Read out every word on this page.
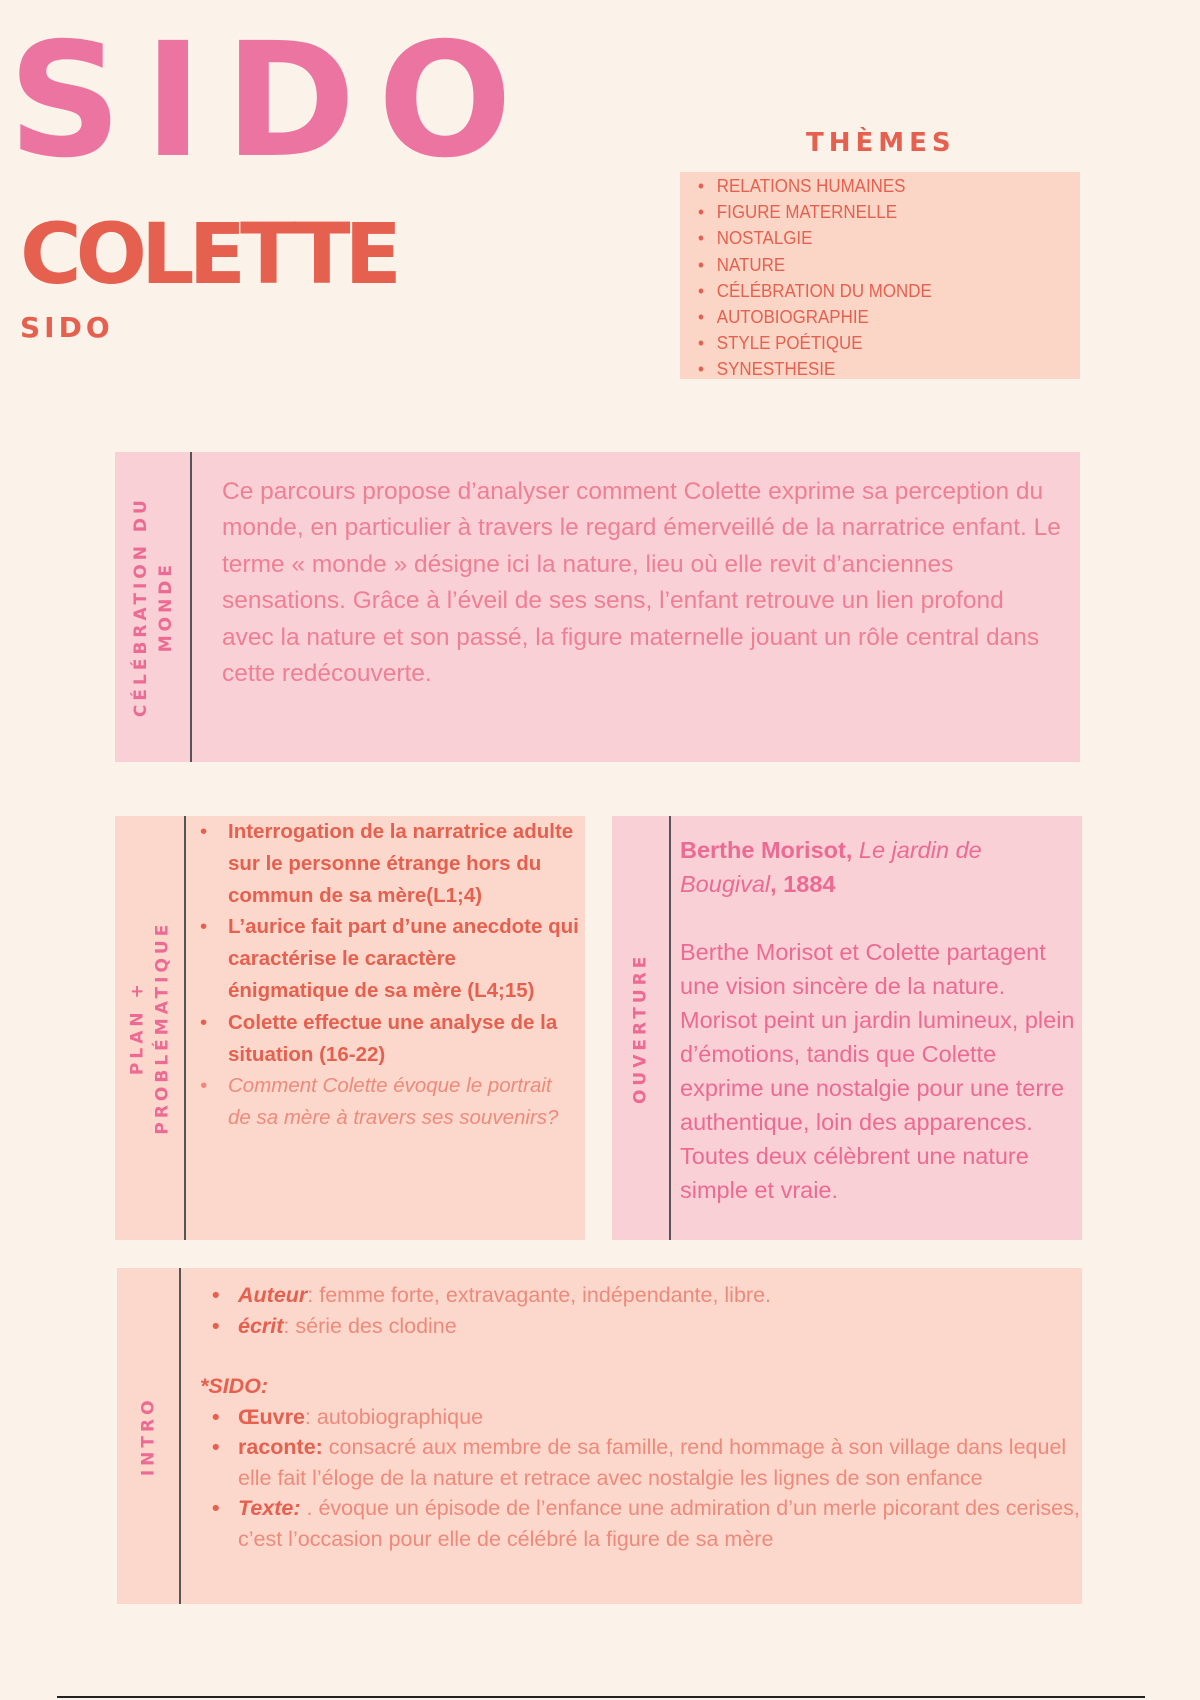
SIDO
COLETTE
SIDO
THÈMES
• RELATIONS HUMAINES
• FIGURE MATERNELLE
• NOSTALGIE
• NATURE
• CÉLÉBRATION DU MONDE
• AUTOBIOGRAPHIE
• STYLE POÉTIQUE
• SYNESTHESIE
CÉLÉBRATION DU MONDE
Ce parcours propose d’analyser comment Colette exprime sa perception du monde, en particulier à travers le regard émerveillé de la narratrice enfant. Le terme « monde » désigne ici la nature, lieu où elle revit d’anciennes sensations. Grâce à l’éveil de ses sens, l’enfant retrouve un lien profond avec la nature et son passé, la figure maternelle jouant un rôle central dans cette redécouverte.
PLAN + PROBLÉMATIQUE
• Interrogation de la narratrice adulte sur le personne étrange hors du commun de sa mère(L1;4)
• L’aurice fait part d’une anecdote qui caractérise le caractère énigmatique de sa mère (L4;15)
• Colette effectue une analyse de la situation (16-22)
• Comment Colette évoque le portrait de sa mère à travers ses souvenirs?
OUVERTURE
Berthe Morisot, Le jardin de Bougival, 1884
Berthe Morisot et Colette partagent une vision sincère de la nature. Morisot peint un jardin lumineux, plein d’émotions, tandis que Colette exprime une nostalgie pour une terre authentique, loin des apparences. Toutes deux célèbrent une nature simple et vraie.
INTRO
• Auteur: femme forte, extravagante, indépendante, libre.
• écrit: série des clodine
*SIDO:
• Œuvre: autobiographique
• raconte: consacré aux membre de sa famille, rend hommage à son village dans lequel elle fait l’éloge de la nature et retrace avec nostalgie les lignes de son enfance
• Texte: . évoque un épisode de l’enfance une admiration d’un merle picorant des cerises, c’est l’occasion pour elle de célébré la figure de sa mère
